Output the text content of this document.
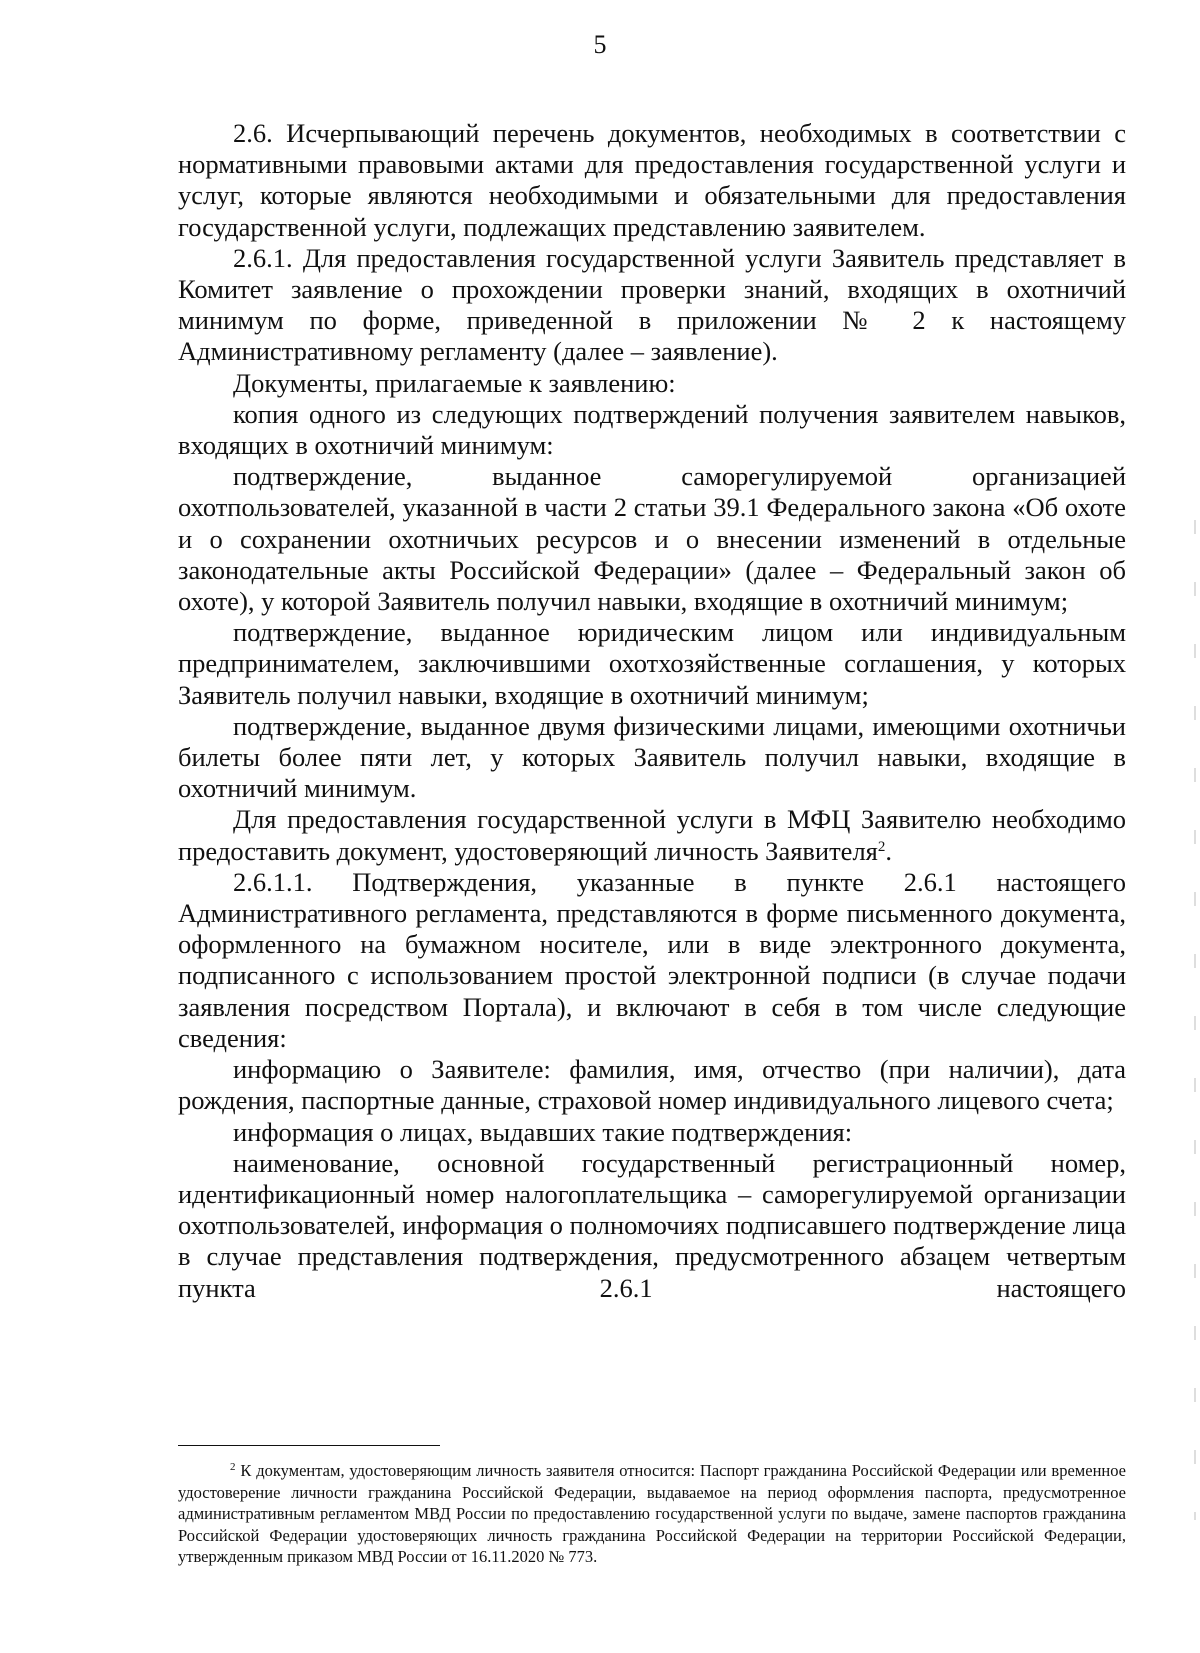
5

2.6. Исчерпывающий перечень документов, необходимых в соответствии с нормативными правовыми актами для предоставления государственной услуги и услуг, которые являются необходимыми и обязательными для предоставления государственной услуги, подлежащих представлению заявителем.

2.6.1. Для предоставления государственной услуги Заявитель представляет в Комитет заявление о прохождении проверки знаний, входящих в охотничий минимум по форме, приведенной в приложении № 2 к настоящему Административному регламенту (далее – заявление).

Документы, прилагаемые к заявлению:

копия одного из следующих подтверждений получения заявителем навыков, входящих в охотничий минимум:

подтверждение, выданное саморегулируемой организацией охотпользователей, указанной в части 2 статьи 39.1 Федерального закона «Об охоте и о сохранении охотничьих ресурсов и о внесении изменений в отдельные законодательные акты Российской Федерации» (далее – Федеральный закон об охоте), у которой Заявитель получил навыки, входящие в охотничий минимум;

подтверждение, выданное юридическим лицом или индивидуальным предпринимателем, заключившими охотхозяйственные соглашения, у которых Заявитель получил навыки, входящие в охотничий минимум;

подтверждение, выданное двумя физическими лицами, имеющими охотничьи билеты более пяти лет, у которых Заявитель получил навыки, входящие в охотничий минимум.

Для предоставления государственной услуги в МФЦ Заявителю необходимо предоставить документ, удостоверяющий личность Заявителя$^2$.

2.6.1.1. Подтверждения, указанные в пункте 2.6.1 настоящего Административного регламента, представляются в форме письменного документа, оформленного на бумажном носителе, или в виде электронного документа, подписанного с использованием простой электронной подписи (в случае подачи заявления посредством Портала), и включают в себя в том числе следующие сведения:

информацию о Заявителе: фамилия, имя, отчество (при наличии), дата рождения, паспортные данные, страховой номер индивидуального лицевого счета;

информация о лицах, выдавших такие подтверждения:

наименование, основной государственный регистрационный номер, идентификационный номер налогоплательщика – саморегулируемой организации охотпользователей, информация о полномочиях подписавшего подтверждение лица в случае представления подтверждения, предусмотренного абзацем четвертым пункта 2.6.1 настоящего

$^2$ К документам, удостоверяющим личность заявителя относится: Паспорт гражданина Российской Федерации или временное удостоверение личности гражданина Российской Федерации, выдаваемое на период оформления паспорта, предусмотренное административным регламентом МВД России по предоставлению государственной услуги по выдаче, замене паспортов гражданина Российской Федерации удостоверяющих личность гражданина Российской Федерации на территории Российской Федерации, утвержденным приказом МВД России от 16.11.2020 № 773.
